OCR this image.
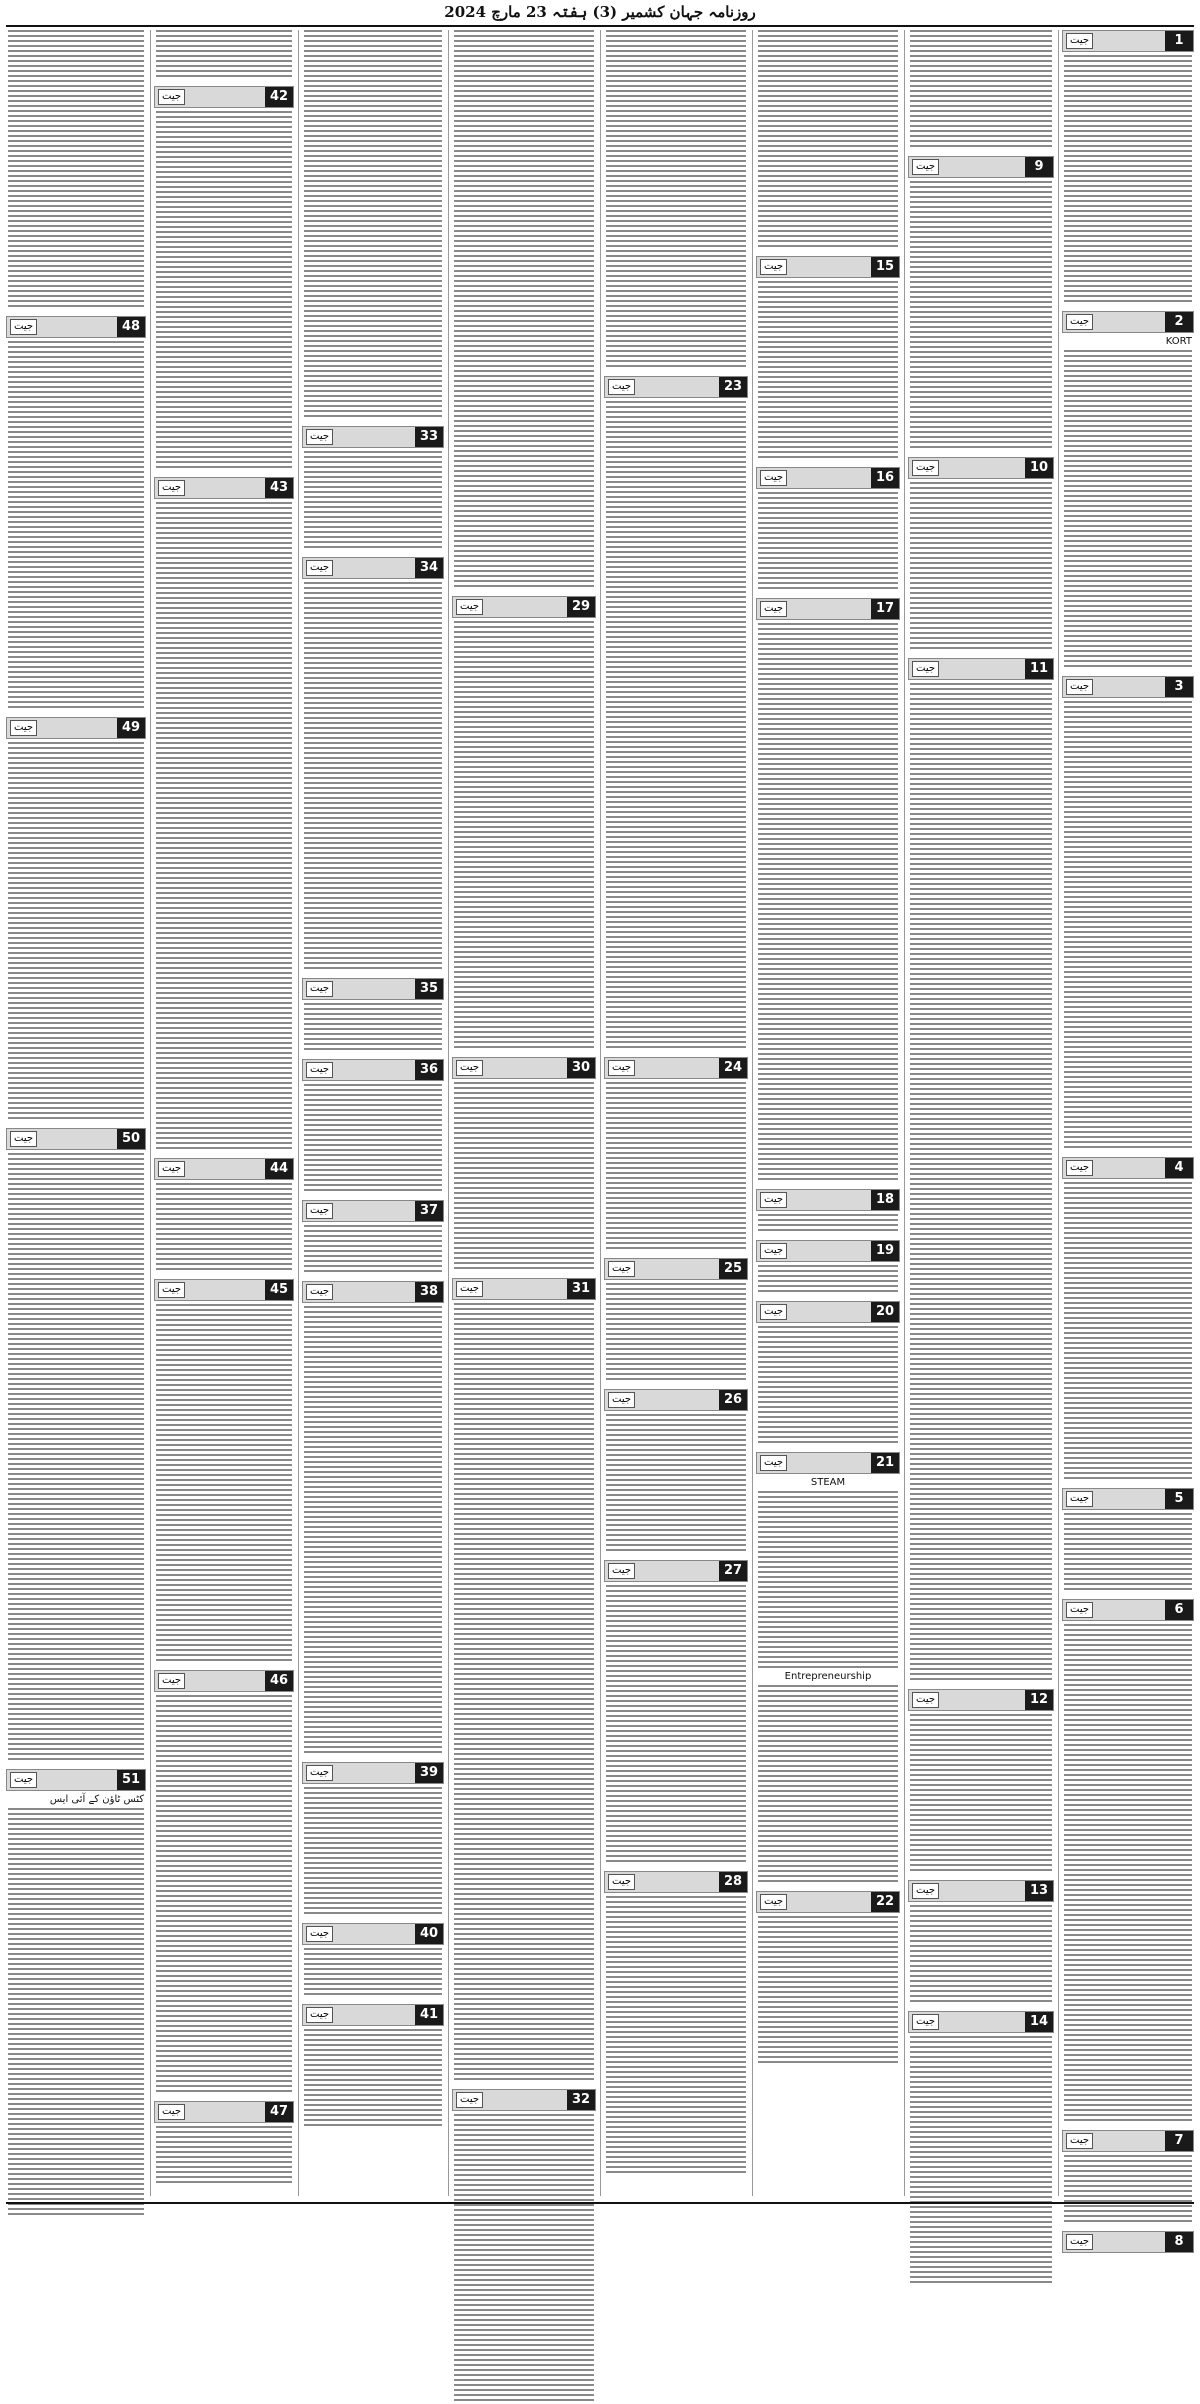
روزنامہ جہان کشمیر (3) ہفتہ 23 مارچ 2024
1
جیت
2
جیت
KORT
3
جیت
4
جیت
5
جیت
6
جیت
7
جیت
8
جیت
9
جیت
10
جیت
11
جیت
12
جیت
13
جیت
14
جیت
15
جیت
16
جیت
17
جیت
18
جیت
19
جیت
20
جیت
21
جیت
STEAM
Entrepreneurship
22
جیت
23
جیت
24
جیت
25
جیت
26
جیت
27
جیت
28
جیت
29
جیت
30
جیت
31
جیت
32
جیت
33
جیت
34
جیت
35
جیت
36
جیت
37
جیت
38
جیت
39
جیت
40
جیت
41
جیت
42
جیت
43
جیت
44
جیت
45
جیت
46
جیت
47
جیت
48
جیت
49
جیت
50
جیت
51
جیت
کٹس ٹاؤن کے آئی ایس
